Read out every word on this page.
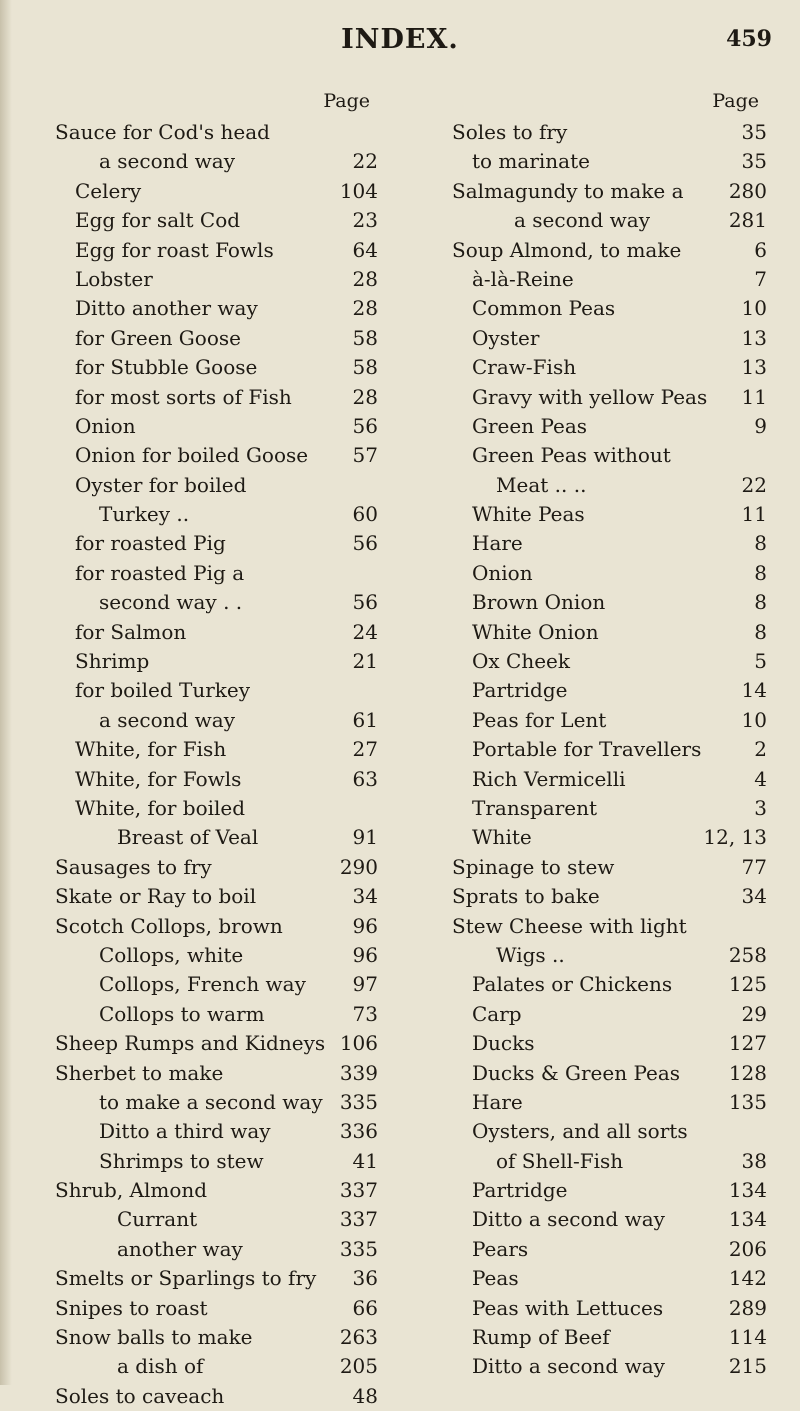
INDEX.	459
Page
Sauce for Cod's head
a second way	22
Celery	104
Egg for salt Cod	23
Egg for roast Fowls	64
Lobster	28
Ditto another way	28
for Green Goose	58
for Stubble Goose	58
for most sorts of Fish	28
Onion	56
Onion for boiled Goose 57
Oyster for boiled
Turkey ..	60
for roasted Pig	56
for roasted Pig a
second way . .	56
for Salmon	24
Shrimp	21
for boiled Turkey
a second way	61
White, for Fish	27
White, for Fowls	63
White, for boiled
Breast of Veal	91
Sausages to fry	290
Skate or Ray to boil	34
Scotch Collops, brown	96
Collops, white	96
Collops, French way 97
Collops to warm	73
Sheep Rumps and Kidneys 106
Sherbet to make	339
to make a second way 335
Ditto a third way	336
Shrimps to stew	41
Shrub, Almond	337
Currant	337
another way	335
Smelts or Sparlings to fry 36
Snipes to roast	66
Snow balls to make	263
a dish of	205
Soles to caveach	48
Page
Soles to fry	35
to marinate	35
Salmagundy to make a 280
a second way	281
Soup Almond, to make	6
à-là-Reine	7
Common Peas	10
Oyster	13
Craw-Fish	13
Gravy with yellow Peas 11
Green Peas	9
Green Peas without
Meat .. ..	22
White Peas	11
Hare	8
Onion	8
Brown Onion	8
White Onion	8
Ox Cheek	5
Partridge	14
Peas for Lent	10
Portable for Travellers	2
Rich Vermicelli	4
Transparent	3
White	12, 13
Spinage to stew	77
Sprats to bake	34
Stew Cheese with light
Wigs ..	258
Palates or Chickens	125
Carp	29
Ducks	127
Ducks & Green Peas 128
Hare	135
Oysters, and all sorts
of Shell-Fish	38
Partridge	134
Ditto a second way	134
Pears	206
Peas	142
Peas with Lettuces	289
Rump of Beef	114
Ditto a second way	215
